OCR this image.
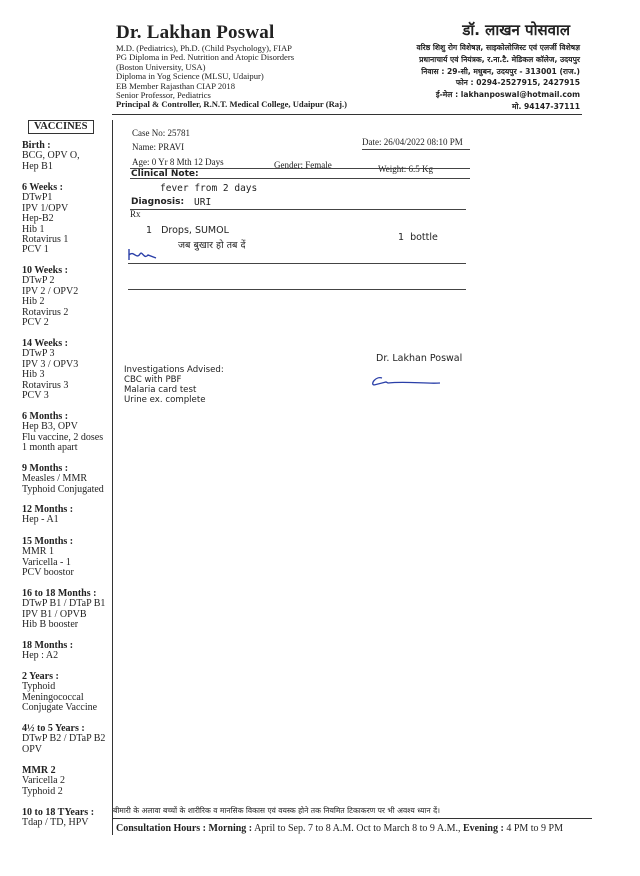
Dr. Lakhan Poswal
M.D. (Pediatrics), Ph.D. (Child Psychology), FIAP
PG Diploma in Ped. Nutrition and Atopic Disorders
(Boston University, USA)
Diploma in Yog Science (MLSU, Udaipur)
EB Member Rajasthan CIAP 2018
Senior Professor, Pediatrics
Principal & Controller, R.N.T. Medical College, Udaipur (Raj.)
डॉ. लाखन पोसवाल
वरिष्ठ शिशु रोग विशेषज्ञ, साइकोलोजिस्ट एवं एलर्जी विशेषज्ञ
प्रधानाचार्य एवं नियंत्रक, र.ना.टै. मेडिकल कॉलेज, उदयपुर
निवास : 29-सी, मधुबन, उदयपुर - 313001 (राज.)
फोन : 0294-2527915, 2427915
ई-मेल : lakhanposwal@hotmail.com
मो. 94147-37111
VACCINES
Birth :
BCG, OPV O,
Hep B1
6 Weeks :
DTwP1
IPV 1/OPV
Hep-B2
Hib 1
Rotavirus 1
PCV 1
10 Weeks :
DTwP 2
IPV 2 / OPV2
Hib 2
Rotavirus 2
PCV 2
14 Weeks :
DTwP 3
IPV 3 / OPV3
Hib 3
Rotavirus 3
PCV 3
6 Months :
Hep B3, OPV
Flu vaccine, 2 doses
1 month apart
9 Months :
Measles / MMR
Typhoid Conjugated
12 Months :
Hep - A1
15 Months :
MMR 1
Varicella - 1
PCV boostor
16 to 18 Months :
DTwP B1 / DTaP B1
IPV B1 / OPVB
Hib B booster
18 Months :
Hep : A2
2 Years :
Typhoid
Meningococcal
Conjugate Vaccine
4½ to 5 Years :
DTwP B2 / DTaP B2
OPV
MMR 2
Varicella 2
Typhoid 2
10 to 18 TYears :
Tdap / TD, HPV
Case No: 25781
Date: 26/04/2022 08:10 PM
Name: PRAVI
Age: 0 Yr 8 Mth 12 Days	Gender: Female	Weight: 6.5 Kg
Clinical Note:
fever from 2 days
Diagnosis: URI
Rx
1 Drops, SUMOL
1  bottle
जब बुखार हो तब दें
Dr. Lakhan Poswal
Investigations Advised:
CBC with PBF
Malaria card test
Urine ex. complete
बीमारी के अलावा बच्चों के शारीरिक व मानसिक विकास एवं वयस्क होने तक नियमित टिकाकरण पर भी अवश्य ध्यान दें।
Consultation Hours : Morning : April to Sep. 7 to 8 A.M. Oct to March 8 to 9 A.M., Evening : 4 PM to 9 PM
